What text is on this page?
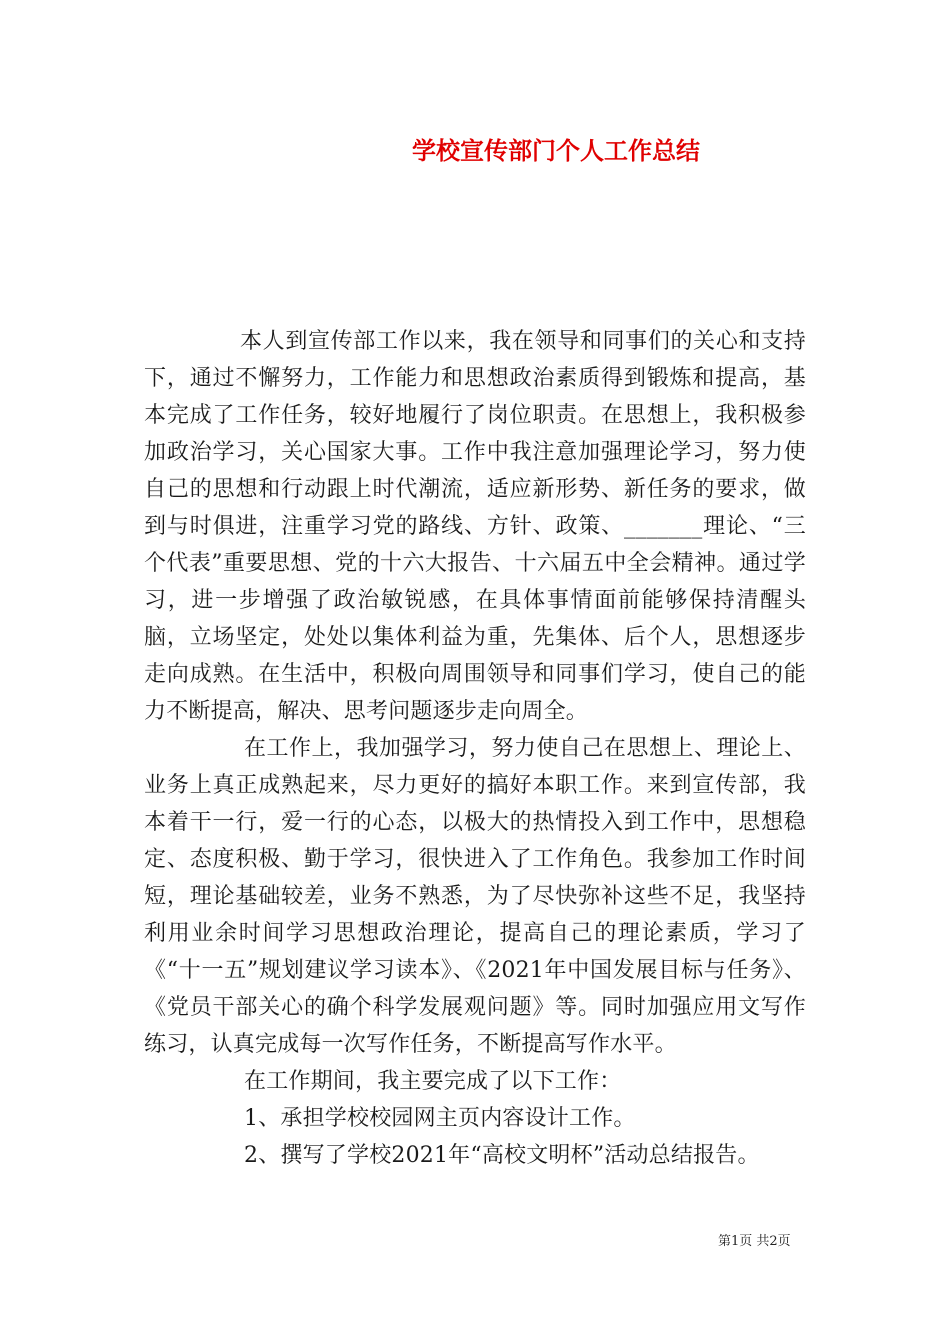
学校宣传部门个人工作总结

本人到宣传部工作以来，我在领导和同事们的关心和支持下，通过不懈努力，工作能力和思想政治素质得到锻炼和提高，基本完成了工作任务，较好地履行了岗位职责。在思想上，我积极参加政治学习，关心国家大事。工作中我注意加强理论学习，努力使自己的思想和行动跟上时代潮流，适应新形势、新任务的要求，做到与时俱进，注重学习党的路线、方针、政策、_______理论、“三个代表”重要思想、党的十六大报告、十六届五中全会精神。通过学习，进一步增强了政治敏锐感，在具体事情面前能够保持清醒头脑，立场坚定，处处以集体利益为重，先集体、后个人，思想逐步走向成熟。在生活中，积极向周围领导和同事们学习，使自己的能力不断提高，解决、思考问题逐步走向周全。

在工作上，我加强学习，努力使自己在思想上、理论上、业务上真正成熟起来，尽力更好的搞好本职工作。来到宣传部，我本着干一行，爱一行的心态，以极大的热情投入到工作中，思想稳定、态度积极、勤于学习，很快进入了工作角色。我参加工作时间短，理论基础较差，业务不熟悉，为了尽快弥补这些不足，我坚持利用业余时间学习思想政治理论，提高自己的理论素质，学习了《“十一五”规划建议学习读本》、《2021年中国发展目标与任务》、《党员干部关心的确个科学发展观问题》等。同时加强应用文写作练习，认真完成每一次写作任务，不断提高写作水平。

在工作期间，我主要完成了以下工作：

1、承担学校校园网主页内容设计工作。

2、撰写了学校2021年“高校文明杯”活动总结报告。

第1页 共2页
